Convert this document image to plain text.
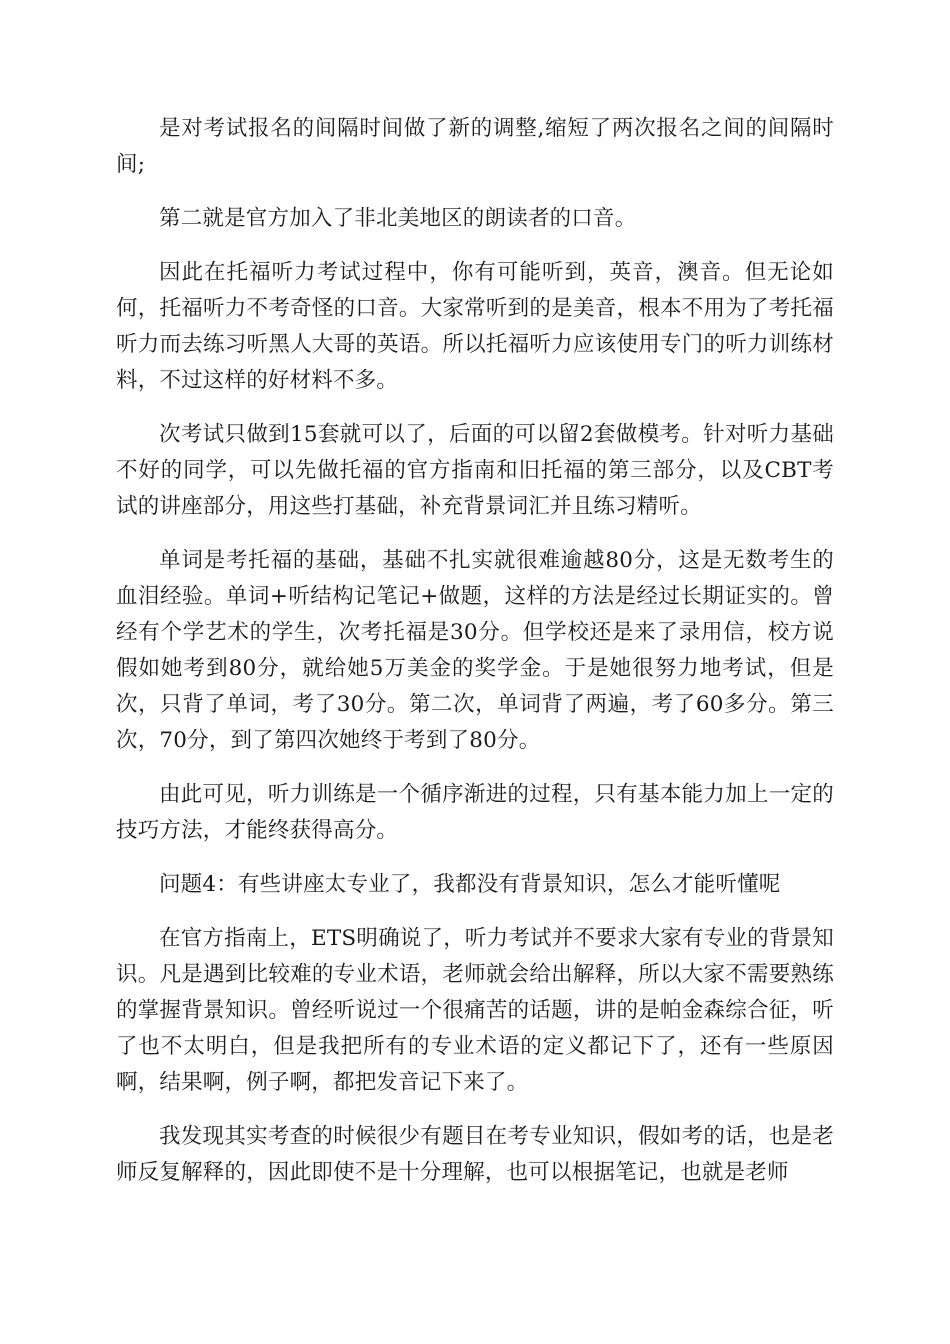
是对考试报名的间隔时间做了新的调整,缩短了两次报名之间的间隔时间;

第二就是官方加入了非北美地区的朗读者的口音。

因此在托福听力考试过程中，你有可能听到，英音，澳音。但无论如何，托福听力不考奇怪的口音。大家常听到的是美音，根本不用为了考托福听力而去练习听黑人大哥的英语。所以托福听力应该使用专门的听力训练材料，不过这样的好材料不多。

次考试只做到15套就可以了，后面的可以留2套做模考。针对听力基础不好的同学，可以先做托福的官方指南和旧托福的第三部分，以及CBT考试的讲座部分，用这些打基础，补充背景词汇并且练习精听。

单词是考托福的基础，基础不扎实就很难逾越80分，这是无数考生的血泪经验。单词+听结构记笔记+做题，这样的方法是经过长期证实的。曾经有个学艺术的学生，次考托福是30分。但学校还是来了录用信，校方说假如她考到80分，就给她5万美金的奖学金。于是她很努力地考试，但是次，只背了单词，考了30分。第二次，单词背了两遍，考了60多分。第三次，70分，到了第四次她终于考到了80分。

由此可见，听力训练是一个循序渐进的过程，只有基本能力加上一定的技巧方法，才能终获得高分。

问题4：有些讲座太专业了，我都没有背景知识，怎么才能听懂呢

在官方指南上，ETS明确说了，听力考试并不要求大家有专业的背景知识。凡是遇到比较难的专业术语，老师就会给出解释，所以大家不需要熟练的掌握背景知识。曾经听说过一个很痛苦的话题，讲的是帕金森综合征，听了也不太明白，但是我把所有的专业术语的定义都记下了，还有一些原因啊，结果啊，例子啊，都把发音记下来了。

我发现其实考查的时候很少有题目在考专业知识，假如考的话，也是老师反复解释的，因此即使不是十分理解，也可以根据笔记，也就是老师
